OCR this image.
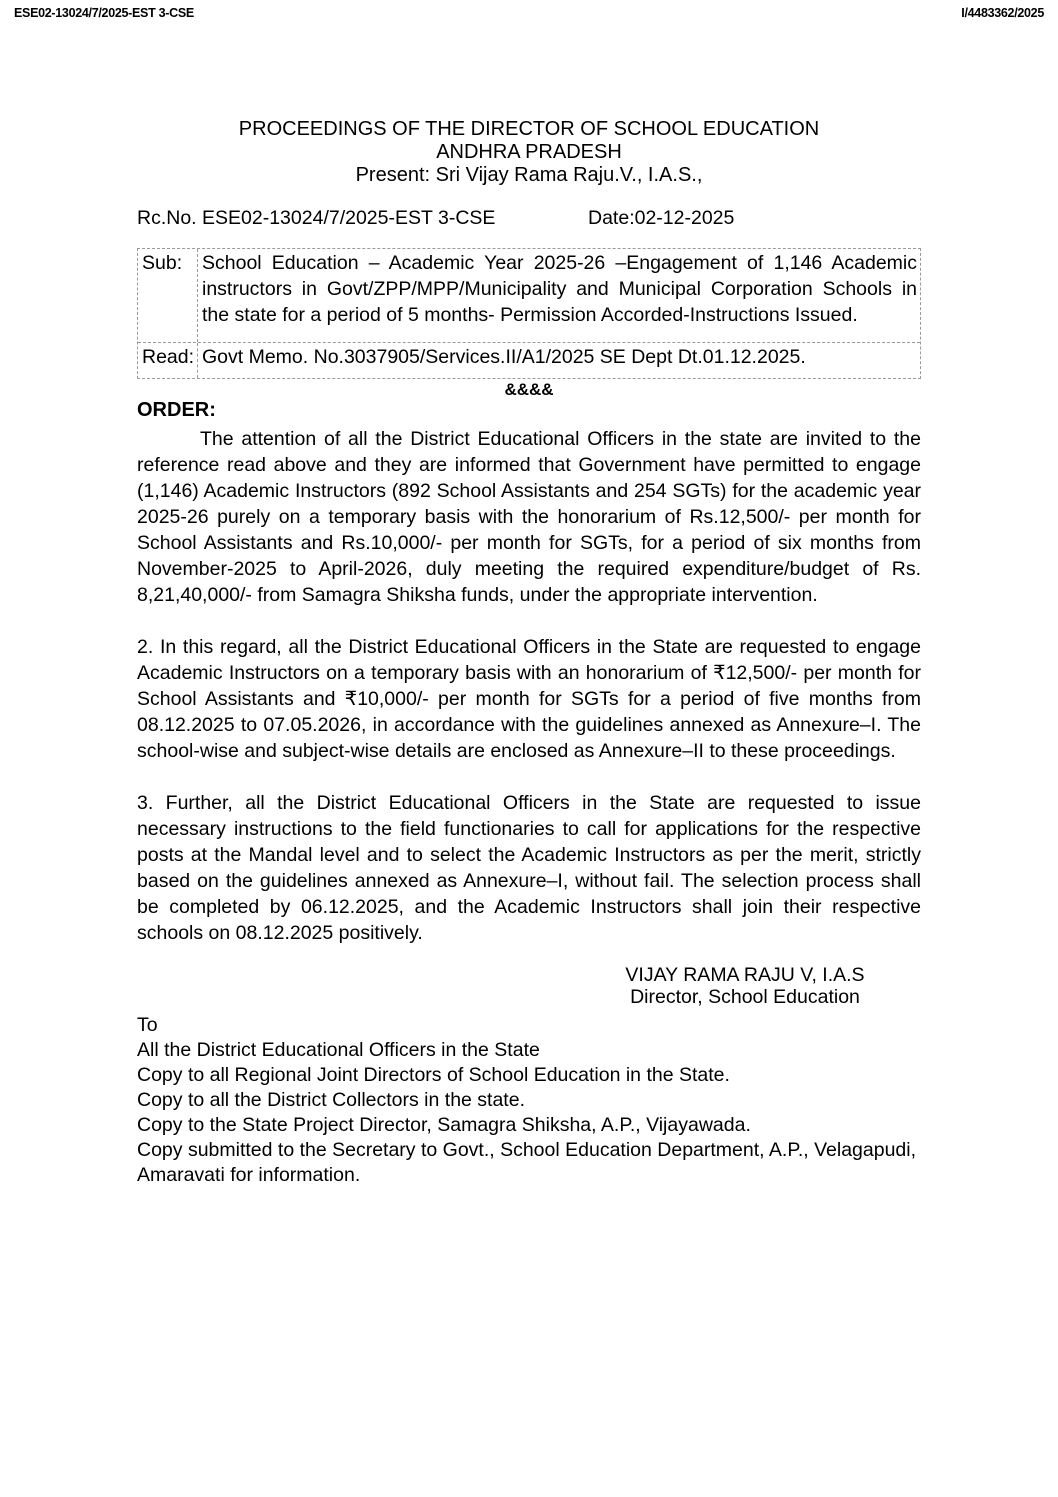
ESE02-13024/7/2025-EST 3-CSE	I/4483362/2025
PROCEEDINGS OF THE DIRECTOR OF SCHOOL EDUCATION
ANDHRA PRADESH
Present: Sri Vijay Rama Raju.V., I.A.S.,
Rc.No. ESE02-13024/7/2025-EST 3-CSE	Date:02-12-2025
Sub:	School Education – Academic Year 2025-26 –Engagement of 1,146 Academic instructors in Govt/ZPP/MPP/Municipality and Municipal Corporation Schools in the state for a period of 5 months- Permission Accorded-Instructions Issued.
Read: Govt Memo. No.3037905/Services.II/A1/2025 SE Dept Dt.01.12.2025.
&&&&
ORDER:

The attention of all the District Educational Officers in the state are invited to the reference read above and they are informed that Government have permitted to engage (1,146) Academic Instructors (892 School Assistants and 254 SGTs) for the academic year 2025-26 purely on a temporary basis with the honorarium of Rs.12,500/- per month for School Assistants and Rs.10,000/- per month for SGTs, for a period of six months from November-2025 to April-2026, duly meeting the required expenditure/budget of Rs. 8,21,40,000/- from Samagra Shiksha funds, under the appropriate intervention.

2. In this regard, all the District Educational Officers in the State are requested to engage Academic Instructors on a temporary basis with an honorarium of ₹12,500/- per month for School Assistants and ₹10,000/- per month for SGTs for a period of five months from 08.12.2025 to 07.05.2026, in accordance with the guidelines annexed as Annexure–I. The school-wise and subject-wise details are enclosed as Annexure–II to these proceedings.

3. Further, all the District Educational Officers in the State are requested to issue necessary instructions to the field functionaries to call for applications for the respective posts at the Mandal level and to select the Academic Instructors as per the merit, strictly based on the guidelines annexed as Annexure–I, without fail. The selection process shall be completed by 06.12.2025, and the Academic Instructors shall join their respective schools on 08.12.2025 positively.

VIJAY RAMA RAJU V, I.A.S
Director, School Education
To
All the District Educational Officers in the State
Copy to all Regional Joint Directors of School Education in the State.
Copy to all the District Collectors in the state.
Copy to the State Project Director, Samagra Shiksha, A.P., Vijayawada.
Copy submitted to the Secretary to Govt., School Education Department, A.P., Velagapudi, Amaravati for information.
